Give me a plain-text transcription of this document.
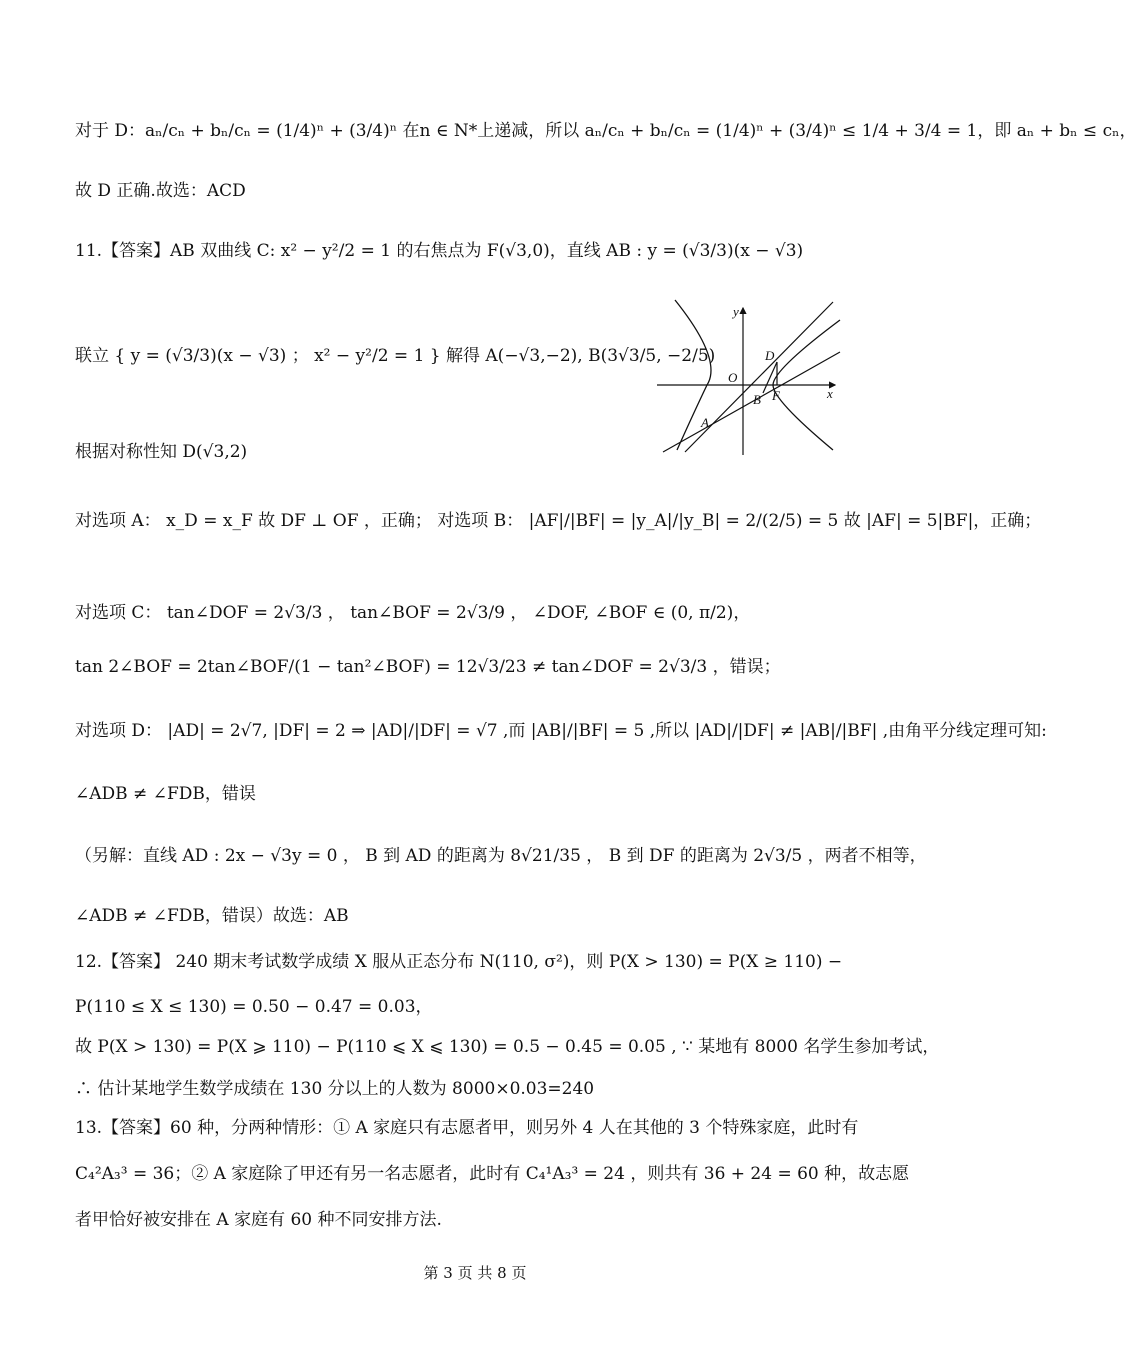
对于 D：aₙ/cₙ + bₙ/cₙ = (1/4)ⁿ + (3/4)ⁿ 在n ∈ N*上递减，所以 aₙ/cₙ + bₙ/cₙ = (1/4)ⁿ + (3/4)ⁿ ≤ 1/4 + 3/4 = 1，即 aₙ + bₙ ≤ cₙ，
故 D 正确.故选：ACD
11.【答案】AB 双曲线 C: x² − y²/2 = 1 的右焦点为 F(√3,0)，直线 AB : y = (√3/3)(x − √3)
联立 { y = (√3/3)(x − √3) ； x² − y²/2 = 1 } 解得 A(−√3,−2), B(3√3/5, −2/5)
根据对称性知 D(√3,2)
对选项 A： x_D = x_F 故 DF ⊥ OF ，正确； 对选项 B： |AF|/|BF| = |y_A|/|y_B| = 2/(2/5) = 5 故 |AF| = 5|BF|，正确；
对选项 C： tan∠DOF = 2√3/3 ， tan∠BOF = 2√3/9 ， ∠DOF, ∠BOF ∈ (0, π/2)，
tan 2∠BOF = 2tan∠BOF/(1 − tan²∠BOF) = 12√3/23 ≠ tan∠DOF = 2√3/3 ，错误；
对选项 D： |AD| = 2√7, |DF| = 2 ⇒ |AD|/|DF| = √7 ,而 |AB|/|BF| = 5 ,所以 |AD|/|DF| ≠ |AB|/|BF| ,由角平分线定理可知:
∠ADB ≠ ∠FDB，错误
（另解：直线 AD : 2x − √3y = 0 ， B 到 AD 的距离为 8√21/35 ， B 到 DF 的距离为 2√3/5 ，两者不相等，
∠ADB ≠ ∠FDB，错误）故选：AB
12.【答案】 240 期末考试数学成绩 X 服从正态分布 N(110, σ²)，则 P(X > 130) = P(X ≥ 110) −
P(110 ≤ X ≤ 130) = 0.50 − 0.47 = 0.03，
故 P(X > 130) = P(X ⩾ 110) − P(110 ⩽ X ⩽ 130) = 0.5 − 0.45 = 0.05 , ∵ 某地有 8000 名学生参加考试，
∴ 估计某地学生数学成绩在 130 分以上的人数为 8000×0.03=240
13.【答案】60 种，分两种情形：① A 家庭只有志愿者甲，则另外 4 人在其他的 3 个特殊家庭，此时有
C₄²A₃³ = 36；② A 家庭除了甲还有另一名志愿者，此时有 C₄¹A₃³ = 24 ，则共有 36 + 24 = 60 种，故志愿
者甲恰好被安排在 A 家庭有 60 种不同安排方法.
y
x
O
A
B F
D
第 3 页 共 8 页
